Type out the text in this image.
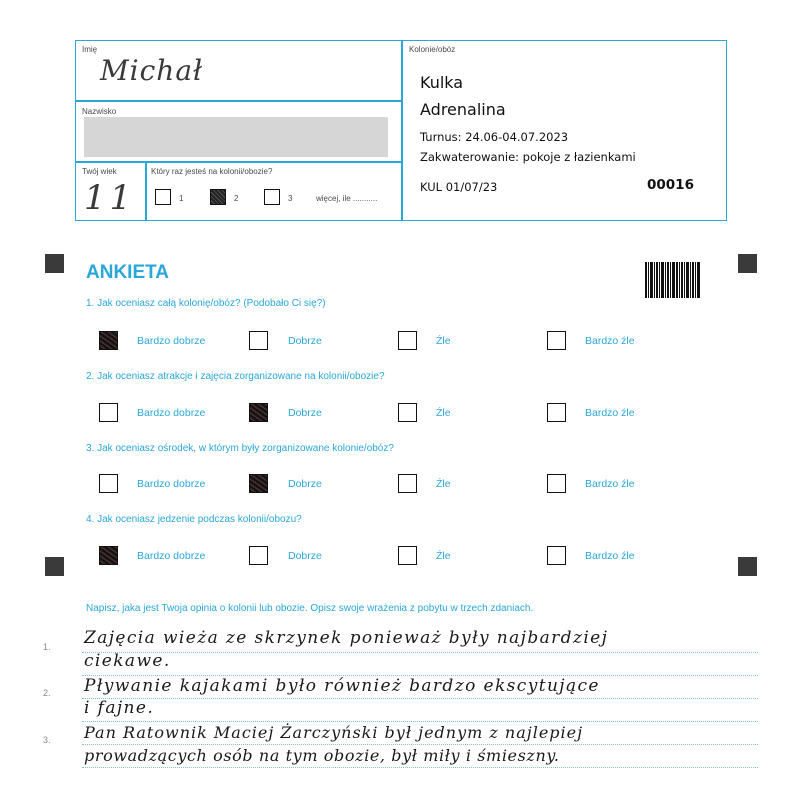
Imię
Michał
Nazwisko
Twój wiek
11
Który raz jesteś na kolonii/obozie?
1	2	3	więcej, ile ...........
Kolonie/obóz
Kulka
Adrenalina
Turnus: 24.06-04.07.2023
Zakwaterowanie: pokoje z łazienkami
KUL 01/07/23	00016
ANKIETA
1. Jak oceniasz całą kolonię/obóz? (Podobało Ci się?)
Bardzo dobrze	Dobrze	Źle	Bardzo źle
2. Jak oceniasz atrakcje i zajęcia zorganizowane na kolonii/obozie?
Bardzo dobrze	Dobrze	Źle	Bardzo źle
3. Jak oceniasz ośrodek, w którym były zorganizowane kolonie/obóz?
Bardzo dobrze	Dobrze	Źle	Bardzo źle
4. Jak oceniasz jedzenie podczas kolonii/obozu?
Bardzo dobrze	Dobrze	Źle	Bardzo źle
Napisz, jaka jest Twoja opinia o kolonii lub obozie. Opisz swoje wrażenia z pobytu w trzech zdaniach.
1.
2.
3.
Zajęcia wieża ze skrzynek ponieważ były najbardziej
ciekawe.
Pływanie kajakami było również bardzo ekscytujące
i fajne.
Pan Ratownik Maciej Żarczyński był jednym z najlepiej
prowadzących osób na tym obozie, był miły i śmieszny.
